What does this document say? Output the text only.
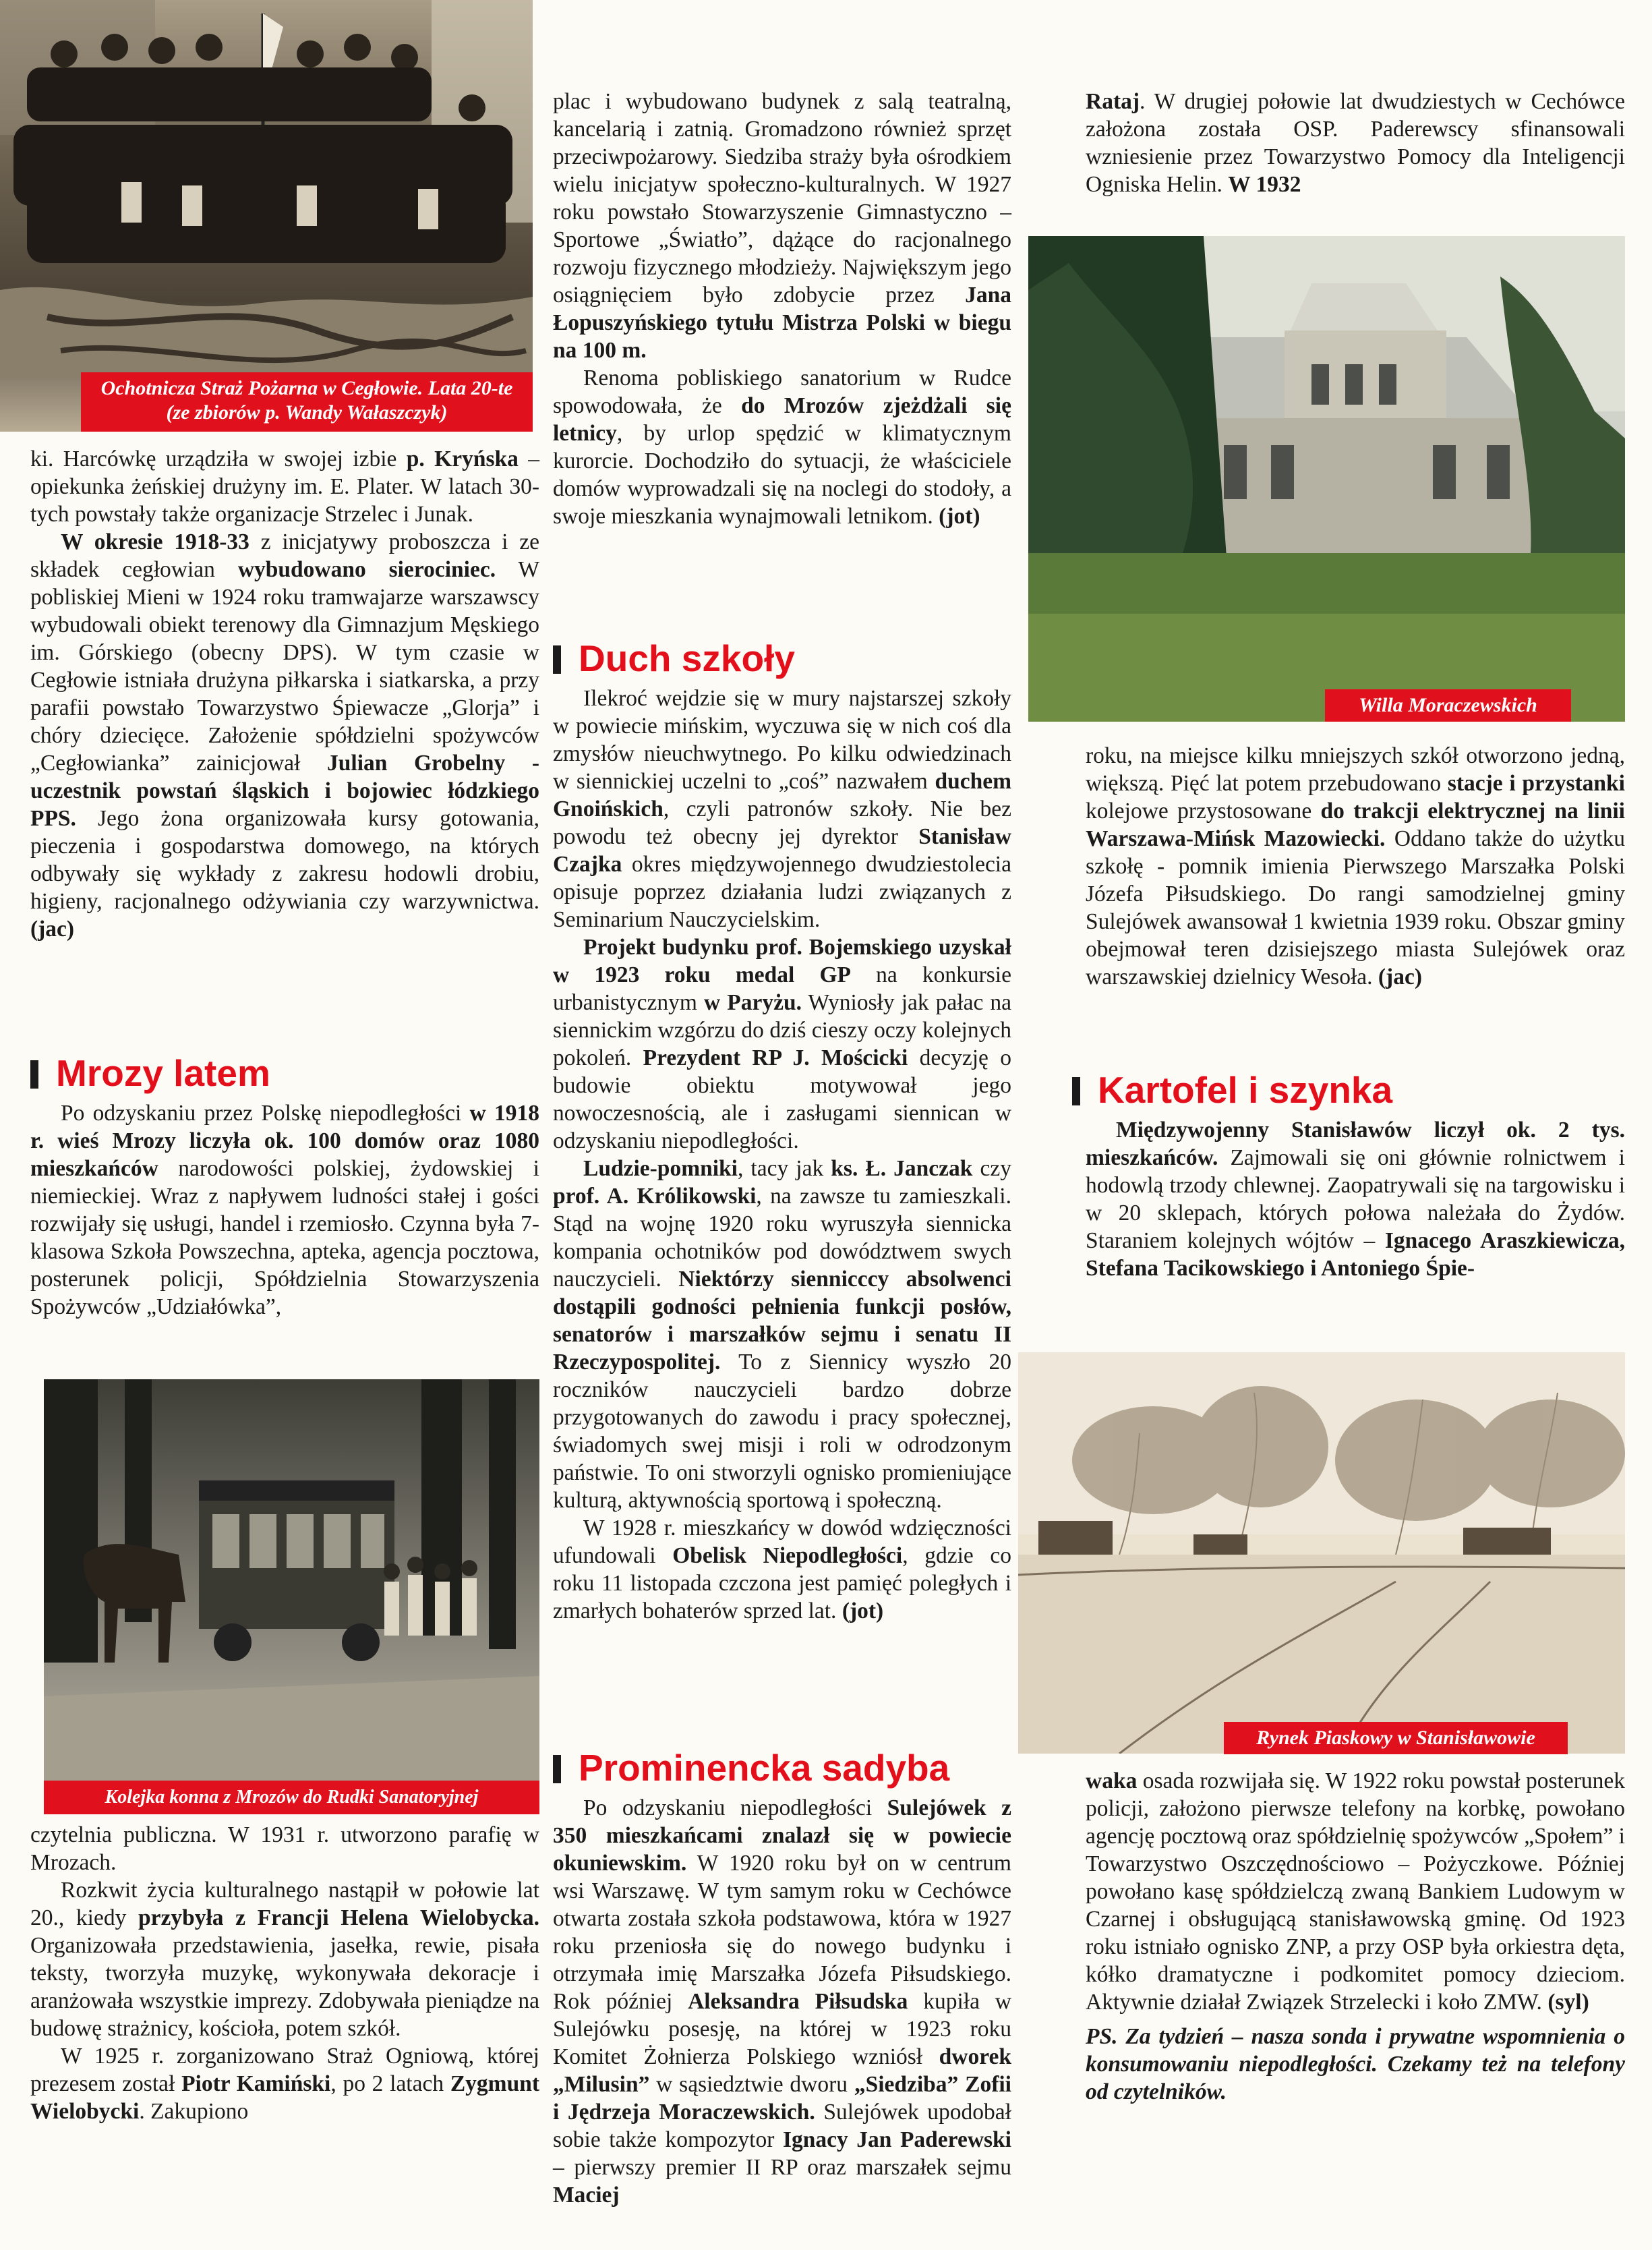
Ochotnicza Straż Pożarna w Cegłowie. Lata 20-te (ze zbiorów p. Wandy Wałaszczyk)

ki. Harcówkę urządziła w swojej izbie p. Kryńska – opiekunka żeńskiej drużyny im. E. Plater. W latach 30-tych powstały także organizacje Strzelec i Junak.

W okresie 1918-33 z inicjatywy proboszcza i ze składek cegłowian wybudowano sierociniec. W pobliskiej Mieni w 1924 roku tramwajarze warszawscy wybudowali obiekt terenowy dla Gimnazjum Męskiego im. Górskiego (obecny DPS). W tym czasie w Cegłowie istniała drużyna piłkarska i siatkarska, a przy parafii powstało Towarzystwo Śpiewacze „Glorja” i chóry dziecięce. Założenie spółdzielni spożywców „Cegłowianka” zainicjował Julian Grobelny - uczestnik powstań śląskich i bojowiec łódzkiego PPS. Jego żona organizowała kursy gotowania, pieczenia i gospodarstwa domowego, na których odbywały się wykłady z zakresu hodowli drobiu, higieny, racjonalnego odżywiania czy warzywnictwa. (jac)

Mrozy latem

Po odzyskaniu przez Polskę niepodległości w 1918 r. wieś Mrozy liczyła ok. 100 domów oraz 1080 mieszkańców narodowości polskiej, żydowskiej i niemieckiej. Wraz z napływem ludności stałej i gości rozwijały się usługi, handel i rzemiosło. Czynna była 7-klasowa Szkoła Powszechna, apteka, agencja pocztowa, posterunek policji, Spółdzielnia Stowarzyszenia Spożywców „Udziałówka”,

Kolejka konna z Mrozów do Rudki Sanatoryjnej

czytelnia publiczna. W 1931 r. utworzono parafię w Mrozach.

Rozkwit życia kulturalnego nastąpił w połowie lat 20., kiedy przybyła z Francji Helena Wielobycka. Organizowała przedstawienia, jasełka, rewie, pisała teksty, tworzyła muzykę, wykonywała dekoracje i aranżowała wszystkie imprezy. Zdobywała pieniądze na budowę strażnicy, kościoła, potem szkół.

W 1925 r. zorganizowano Straż Ogniową, której prezesem został Piotr Kamiński, po 2 latach Zygmunt Wielobycki. Zakupiono

plac i wybudowano budynek z salą teatralną, kancelarią i zatnią. Gromadzono również sprzęt przeciwpożarowy. Siedziba straży była ośrodkiem wielu inicjatyw społeczno-kulturalnych. W 1927 roku powstało Stowarzyszenie Gimnastyczno – Sportowe „Światło”, dążące do racjonalnego rozwoju fizycznego młodzieży. Największym jego osiągnięciem było zdobycie przez Jana Łopuszyńskiego tytułu Mistrza Polski w biegu na 100 m.

Renoma pobliskiego sanatorium w Rudce spowodowała, że do Mrozów zjeżdżali się letnicy, by urlop spędzić w klimatycznym kurorcie. Dochodziło do sytuacji, że właściciele domów wyprowadzali się na noclegi do stodoły, a swoje mieszkania wynajmowali letnikom. (jot)

Duch szkoły

Ilekroć wejdzie się w mury najstarszej szkoły w powiecie mińskim, wyczuwa się w nich coś dla zmysłów nieuchwytnego. Po kilku odwiedzinach w siennickiej uczelni to „coś” nazwałem duchem Gnoińskich, czyli patronów szkoły. Nie bez powodu też obecny jej dyrektor Stanisław Czajka okres międzywojennego dwudziestolecia opisuje poprzez działania ludzi związanych z Seminarium Nauczycielskim.

Projekt budynku prof. Bojemskiego uzyskał w 1923 roku medal GP na konkursie urbanistycznym w Paryżu. Wyniosły jak pałac na siennickim wzgórzu do dziś cieszy oczy kolejnych pokoleń. Prezydent RP J. Mościcki decyzję o budowie obiektu motywował jego nowoczesnością, ale i zasługami siennican w odzyskaniu niepodległości.

Ludzie-pomniki, tacy jak ks. Ł. Janczak czy prof. A. Królikowski, na zawsze tu zamieszkali. Stąd na wojnę 1920 roku wyruszyła siennicka kompania ochotników pod dowództwem swych nauczycieli. Niektórzy siennicccy absolwenci dostąpili godności pełnienia funkcji posłów, senatorów i marszałków sejmu i senatu II Rzeczypospolitej. To z Siennicy wyszło 20 roczników nauczycieli bardzo dobrze przygotowanych do zawodu i pracy społecznej, świadomych swej misji i roli w odrodzonym państwie. To oni stworzyli ognisko promieniujące kulturą, aktywnością sportową i społeczną.

W 1928 r. mieszkańcy w dowód wdzięczności ufundowali Obelisk Niepodległości, gdzie co roku 11 listopada czczona jest pamięć poległych i zmarłych bohaterów sprzed lat. (jot)

Prominencka sadyba

Po odzyskaniu niepodległości Sulejówek z 350 mieszkańcami znalazł się w powiecie okuniewskim. W 1920 roku był on w centrum wsi Warszawę. W tym samym roku w Cechówce otwarta została szkoła podstawowa, która w 1927 roku przeniosła się do nowego budynku i otrzymała imię Marszałka Józefa Piłsudskiego. Rok później Aleksandra Piłsudska kupiła w Sulejówku posesję, na której w 1923 roku Komitet Żołnierza Polskiego wzniósł dworek „Milusin” w sąsiedztwie dworu „Siedziba” Zofii i Jędrzeja Moraczewskich. Sulejówek upodobał sobie także kompozytor Ignacy Jan Paderewski – pierwszy premier II RP oraz marszałek sejmu Maciej

Rataj. W drugiej połowie lat dwudziestych w Cechówce założona została OSP. Paderewscy sfinansowali wzniesienie przez Towarzystwo Pomocy dla Inteligencji Ogniska Helin. W 1932

Willa Moraczewskich

roku, na miejsce kilku mniejszych szkół otworzono jedną, większą. Pięć lat potem przebudowano stacje i przystanki kolejowe przystosowane do trakcji elektrycznej na linii Warszawa-Mińsk Mazowiecki. Oddano także do użytku szkołę - pomnik imienia Pierwszego Marszałka Polski Józefa Piłsudskiego. Do rangi samodzielnej gminy Sulejówek awansował 1 kwietnia 1939 roku. Obszar gminy obejmował teren dzisiejszego miasta Sulejówek oraz warszawskiej dzielnicy Wesoła. (jac)

Kartofel i szynka

Międzywojenny Stanisławów liczył ok. 2 tys. mieszkańców. Zajmowali się oni głównie rolnictwem i hodowlą trzody chlewnej. Zaopatrywali się na targowisku i w 20 sklepach, których połowa należała do Żydów. Staraniem kolejnych wójtów – Ignacego Araszkiewicza, Stefana Tacikowskiego i Antoniego Śpie-

Rynek Piaskowy w Stanisławowie

waka osada rozwijała się. W 1922 roku powstał posterunek policji, założono pierwsze telefony na korbkę, powołano agencję pocztową oraz spółdzielnię spożywców „Społem” i Towarzystwo Oszczędnościowo – Pożyczkowe. Później powołano kasę spółdzielczą zwaną Bankiem Ludowym w Czarnej i obsługującą stanisławowską gminę. Od 1923 roku istniało ognisko ZNP, a przy OSP była orkiestra dęta, kółko dramatyczne i podkomitet pomocy dzieciom. Aktywnie działał Związek Strzelecki i koło ZMW. (syl)

PS. Za tydzień – nasza sonda i prywatne wspomnienia o konsumowaniu niepodległości. Czekamy też na telefony od czytelników.
